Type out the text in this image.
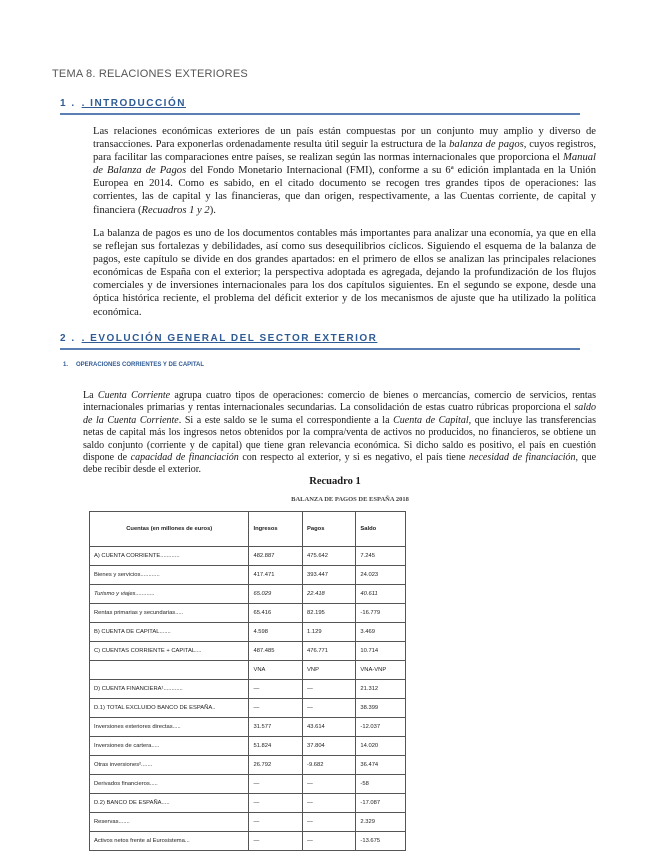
TEMA 8. RELACIONES EXTERIORES
1 . . INTRODUCCIÓN

Las relaciones económicas exteriores de un país están compuestas por un conjunto muy amplio y diverso de transacciones. Para exponerlas ordenadamente resulta útil seguir la estructura de la balanza de pagos, cuyos registros, para facilitar las comparaciones entre países, se realizan según las normas internacionales que proporciona el Manual de Balanza de Pagos del Fondo Monetario Internacional (FMI), conforme a su 6ª edición implantada en la Unión Europea en 2014. Como es sabido, en el citado documento se recogen tres grandes tipos de operaciones: las corrientes, las de capital y las financieras, que dan origen, respectivamente, a las Cuentas corriente, de capital y financiera (Recuadros 1 y 2).

La balanza de pagos es uno de los documentos contables más importantes para analizar una economía, ya que en ella se reflejan sus fortalezas y debilidades, así como sus desequilibrios cíclicos. Siguiendo el esquema de la balanza de pagos, este capítulo se divide en dos grandes apartados: en el primero de ellos se analizan las principales relaciones económicas de España con el exterior; la perspectiva adoptada es agregada, dejando la profundización de los flujos comerciales y de inversiones internacionales para los dos capítulos siguientes. En el segundo se expone, desde una óptica histórica reciente, el problema del déficit exterior y de los mecanismos de ajuste que ha utilizado la política económica.

2 . . EVOLUCIÓN GENERAL DEL SECTOR EXTERIOR
1. OPERACIONES CORRIENTES Y DE CAPITAL

La Cuenta Corriente agrupa cuatro tipos de operaciones: comercio de bienes o mercancías, comercio de servicios, rentas internacionales primarias y rentas internacionales secundarias. La consolidación de estas cuatro rúbricas proporciona el saldo de la Cuenta Corriente. Si a este saldo se le suma el correspondiente a la Cuenta de Capital, que incluye las transferencias netas de capital más los ingresos netos obtenidos por la compra/venta de activos no producidos, no financieros, se obtiene un saldo conjunto (corriente y de capital) que tiene gran relevancia económica. Si dicho saldo es positivo, el país en cuestión dispone de capacidad de financiación con respecto al exterior, y si es negativo, el país tiene necesidad de financiación, que debe recibir desde el exterior.

Recuadro 1
BALANZA DE PAGOS DE ESPAÑA 2018
Cuentas (en millones de euros)	Ingresos	Pagos	Saldo
A) CUENTA CORRIENTE............	482.887	475.642	7.245
Bienes y servicios............	417.471	393.447	24.023
Turismo y viajes............	65.029	22.418	40.611
Rentas primarias y secundarias.....	65.416	82.195	-16.779
B) CUENTA DE CAPITAL.......	4.598	1.129	3.469
C) CUENTAS CORRIENTE + CAPITAL....	487.485	476.771	10.714
	VNA	VNP	VNA-VNP
D) CUENTA FINANCIERA¹............	—	—	21.312
D.1) TOTAL EXCLUIDO BANCO DE ESPAÑA..	—	—	38.399
Inversiones exteriores directas.....	31.577	43.614	-12.037
Inversiones de cartera.....	51.824	37.804	14.020
Otras inversiones².......	26.792	-9.682	36.474
Derivados financieros.....	—	—	-58
D.2) BANCO DE ESPAÑA.....	—	—	-17.087
Reservas.......	—	—	2.329
Activos netos frente al Eurosistema...	—	—	-13.675
